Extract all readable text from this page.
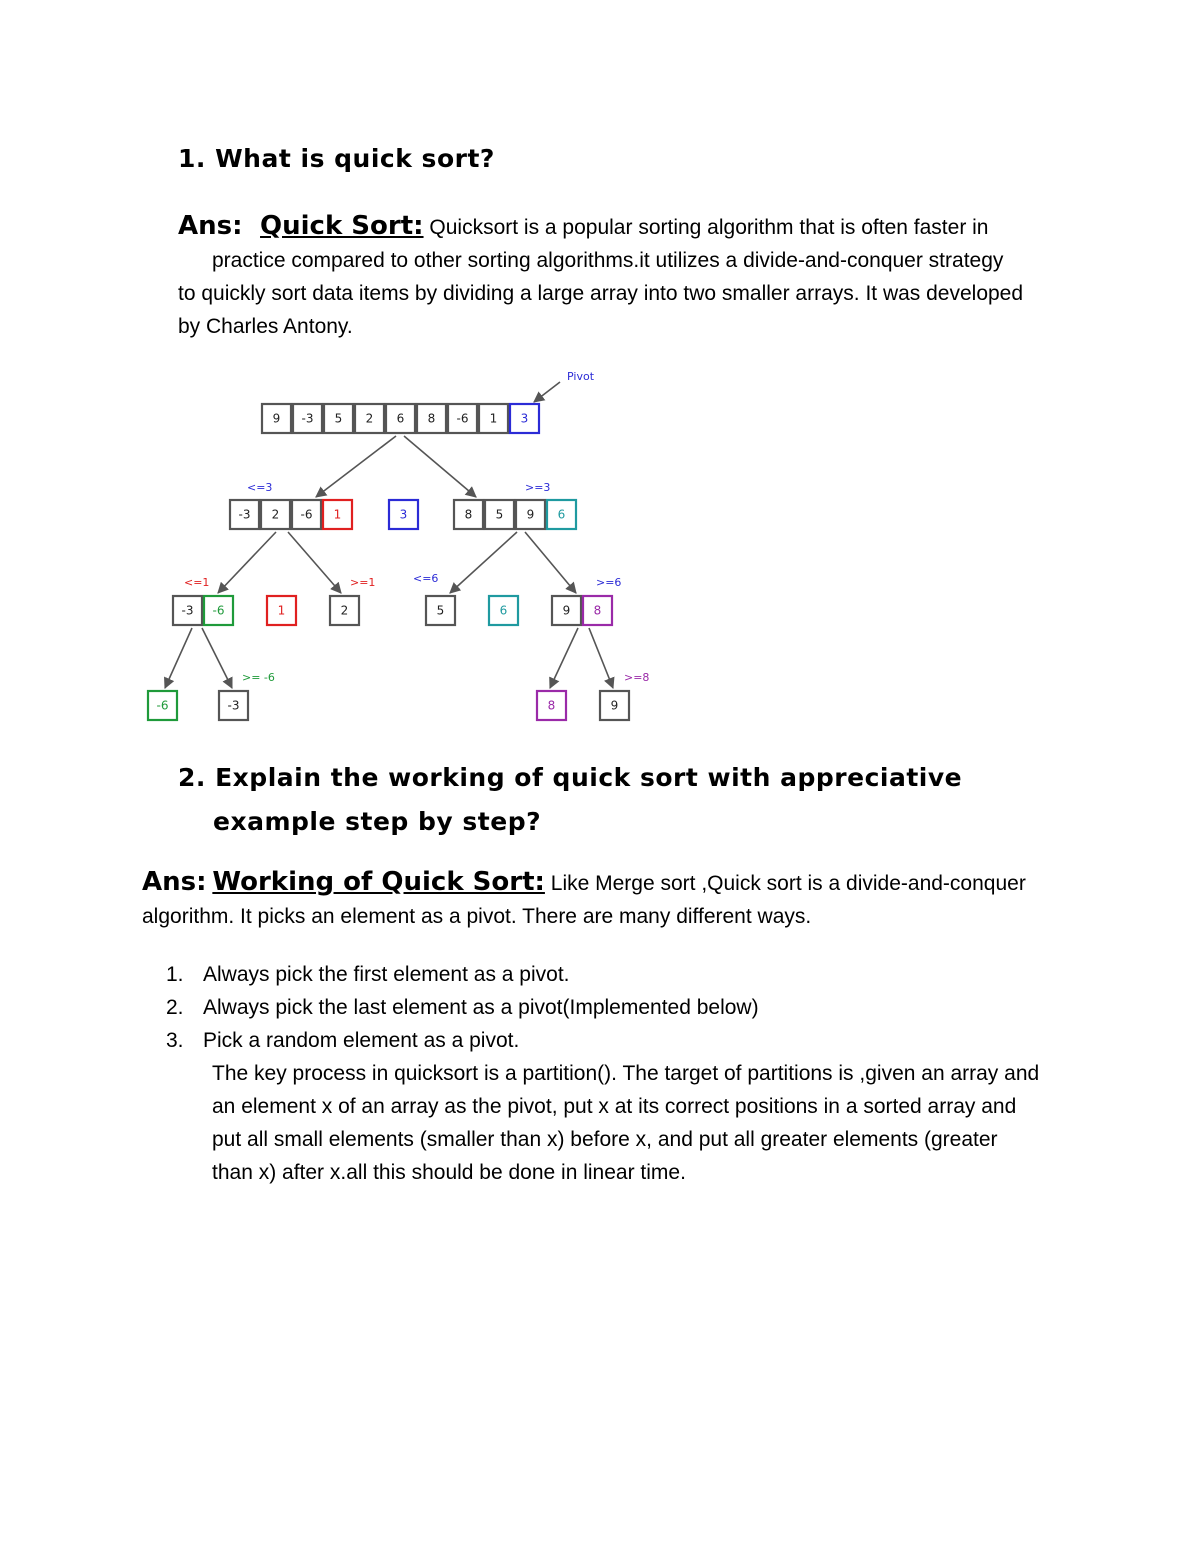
1. What is quick sort?
Ans: Quick Sort: Quicksort is a popular sorting algorithm that is often faster in
practice compared to other sorting algorithms.it utilizes a divide-and-conquer strategy
to quickly sort data items by dividing a large array into two smaller arrays. It was developed
by Charles Antony.
9 -3 5 2 6 8 -6 1 3
-3 2 -6 1	3	8 5 9 6
-3 -6	1	2	5	6	9 8
-6	-3	8	9
Pivot
<=3	>=3
<=1	>=1	<=6	>=6
>= -6	>=8
2. Explain the working of quick sort with appreciative
example step by step?
Ans: Working of Quick Sort: Like Merge sort ,Quick sort is a divide-and-conquer
algorithm. It picks an element as a pivot. There are many different ways.
1. Always pick the first element as a pivot.
2. Always pick the last element as a pivot(Implemented below)
3. Pick a random element as a pivot.
The key process in quicksort is a partition(). The target of partitions is ,given an array and
an element x of an array as the pivot, put x at its correct positions in a sorted array and
put all small elements (smaller than x) before x, and put all greater elements (greater
than x) after x.all this should be done in linear time.
